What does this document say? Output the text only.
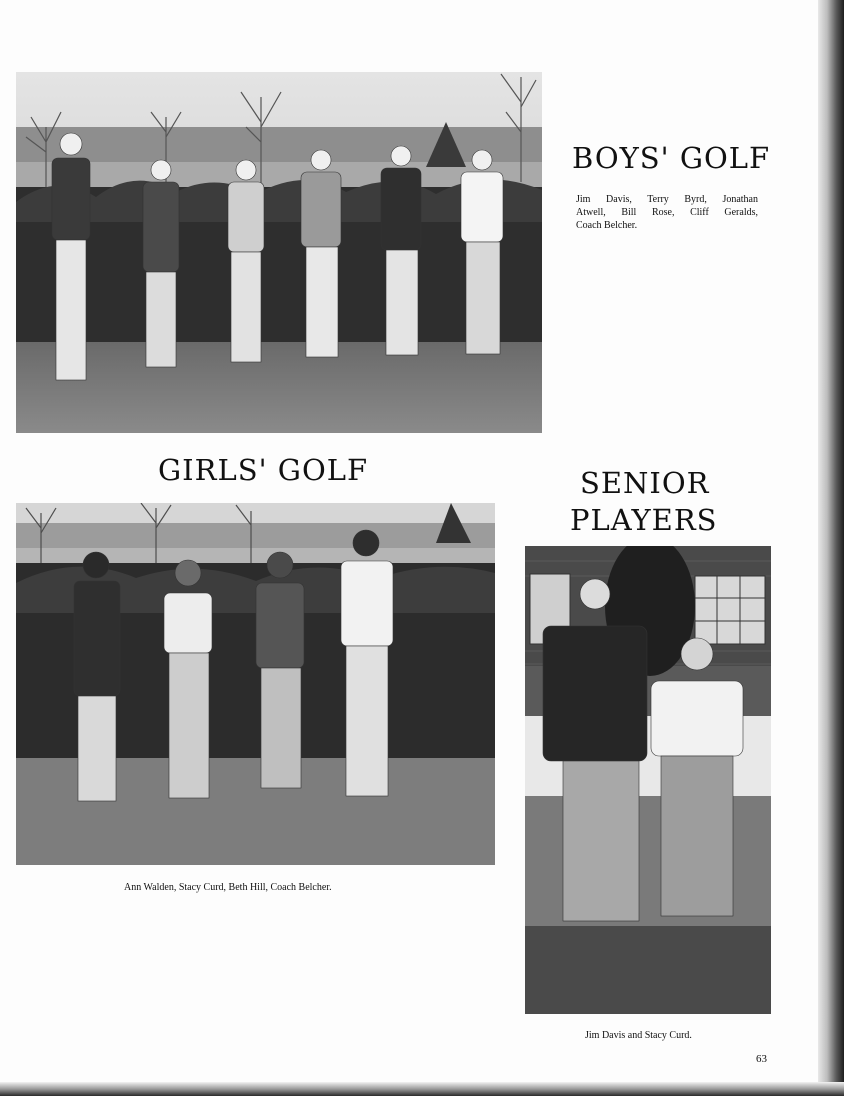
BOYS' GOLF

Jim Davis, Terry Byrd, Jonathan

Atwell, Bill Rose, Cliff Geralds,

Coach Belcher.

GIRLS' GOLF

Ann Walden, Stacy Curd, Beth Hill, Coach Belcher.

SENIOR
PLAYERS

Jim Davis and Stacy Curd.

63
